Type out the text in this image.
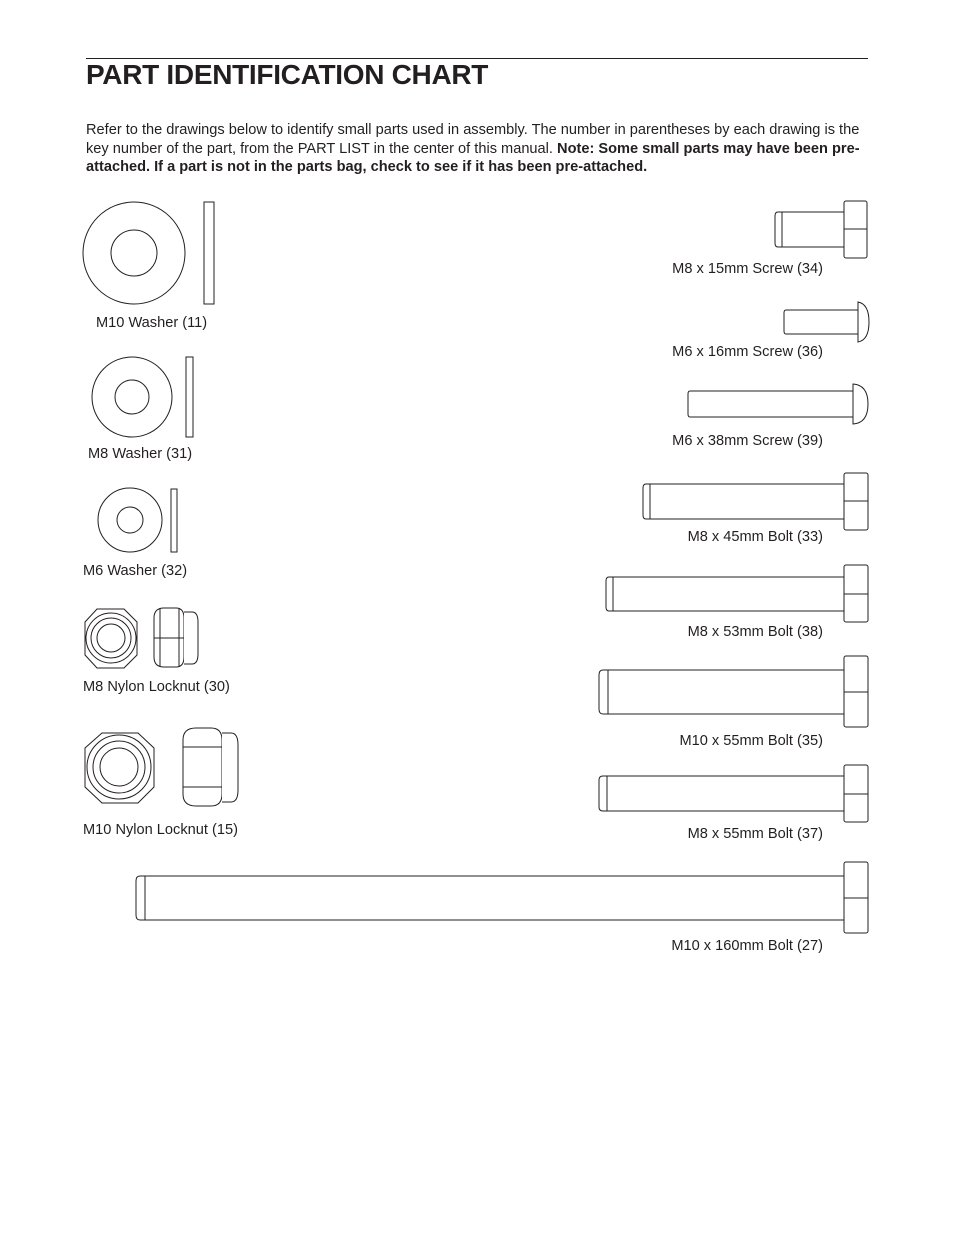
PART IDENTIFICATION CHART

Refer to the drawings below to identify small parts used in assembly. The number in parentheses by each drawing is the key number of the part, from the PART LIST in the center of this manual. Note: Some small parts may have been pre-attached. If a part is not in the parts bag, check to see if it has been pre-attached.

M10 Washer (11)
M8 Washer (31)
M6 Washer (32)
M8 Nylon Locknut (30)
M10 Nylon Locknut (15)
M8 x 15mm Screw (34)
M6 x 16mm Screw (36)
M6 x 38mm Screw (39)
M8 x 45mm Bolt (33)
M8 x 53mm Bolt (38)
M10 x 55mm Bolt (35)
M8 x 55mm Bolt (37)
M10 x 160mm Bolt (27)
